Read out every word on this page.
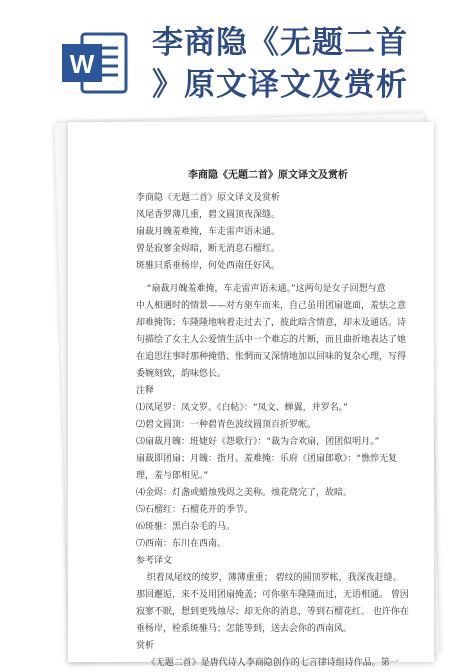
W
李商隐《无题二首
》原文译文及赏析
李商隐《无题二首》原文译文及赏析

李商隐《无题二首》原文译文及赏析

凤尾香罗薄几重，碧文圆顶夜深缝。

扇裁月魄羞难掩，车走雷声语未通。

曾是寂寥金烬暗，断无消息石榴红。

斑骓只系垂杨岸，何处西南任好风。

“扇裁月魄羞难掩，车走雷声语未通。”这两句是女子回想与意

中人相遇时的情景——对方驱车而来，自己虽用团扇遮面，羞怯之意

却难掩饰；车隆隆地响着走过去了，彼此暗含情意，却未及通话。诗

句描绘了女主人公爱情生活中一个难忘的片断，而且曲折地表达了她

在追思往事时那种掩惜、怅惘而又深情地加以回味的复杂心理，写得

委婉刻致，韵味悠长。

注释

⑴凤尾罗：凤文罗。《白帖》：“凤文、蝉翼，并罗名。”

⑵碧文圆顶：一种碧青色波纹圆顶百折罗帐。

⑶扇裁月魄：班婕好《怨歌行》：“裁为合欢扇，团团似明月。”

扇裁即团扇；月魄：指月。羞难掩：乐府《团扇郎歌》：“憔悴无复

理，羞与郎相见。”

⑷金烬：灯盏或蜡烛残烬之美称。烛花烧完了，故暗。

⑸石榴红：石榴花开的季节。

⑹斑骓：黑白杂毛的马。

⑺西南：东川在西南。

参考译文

织着凤尾纹的绫罗，薄薄重重； 碧纹的圆顶罗帐，我深夜赶缝。

那回邂逅，来不及用团扇掩盖；可你驱车隆隆而过，无语相通。 曾因

寂寥不眠，想到更残烛尽；却无你的消息，等到石榴花红。 也许你在

垂杨岸，栓系斑骓马；怎能等到，送去会你的西南风。

赏析

《无题二首》是唐代诗人李商隐创作的七言律诗组诗作品。第一
